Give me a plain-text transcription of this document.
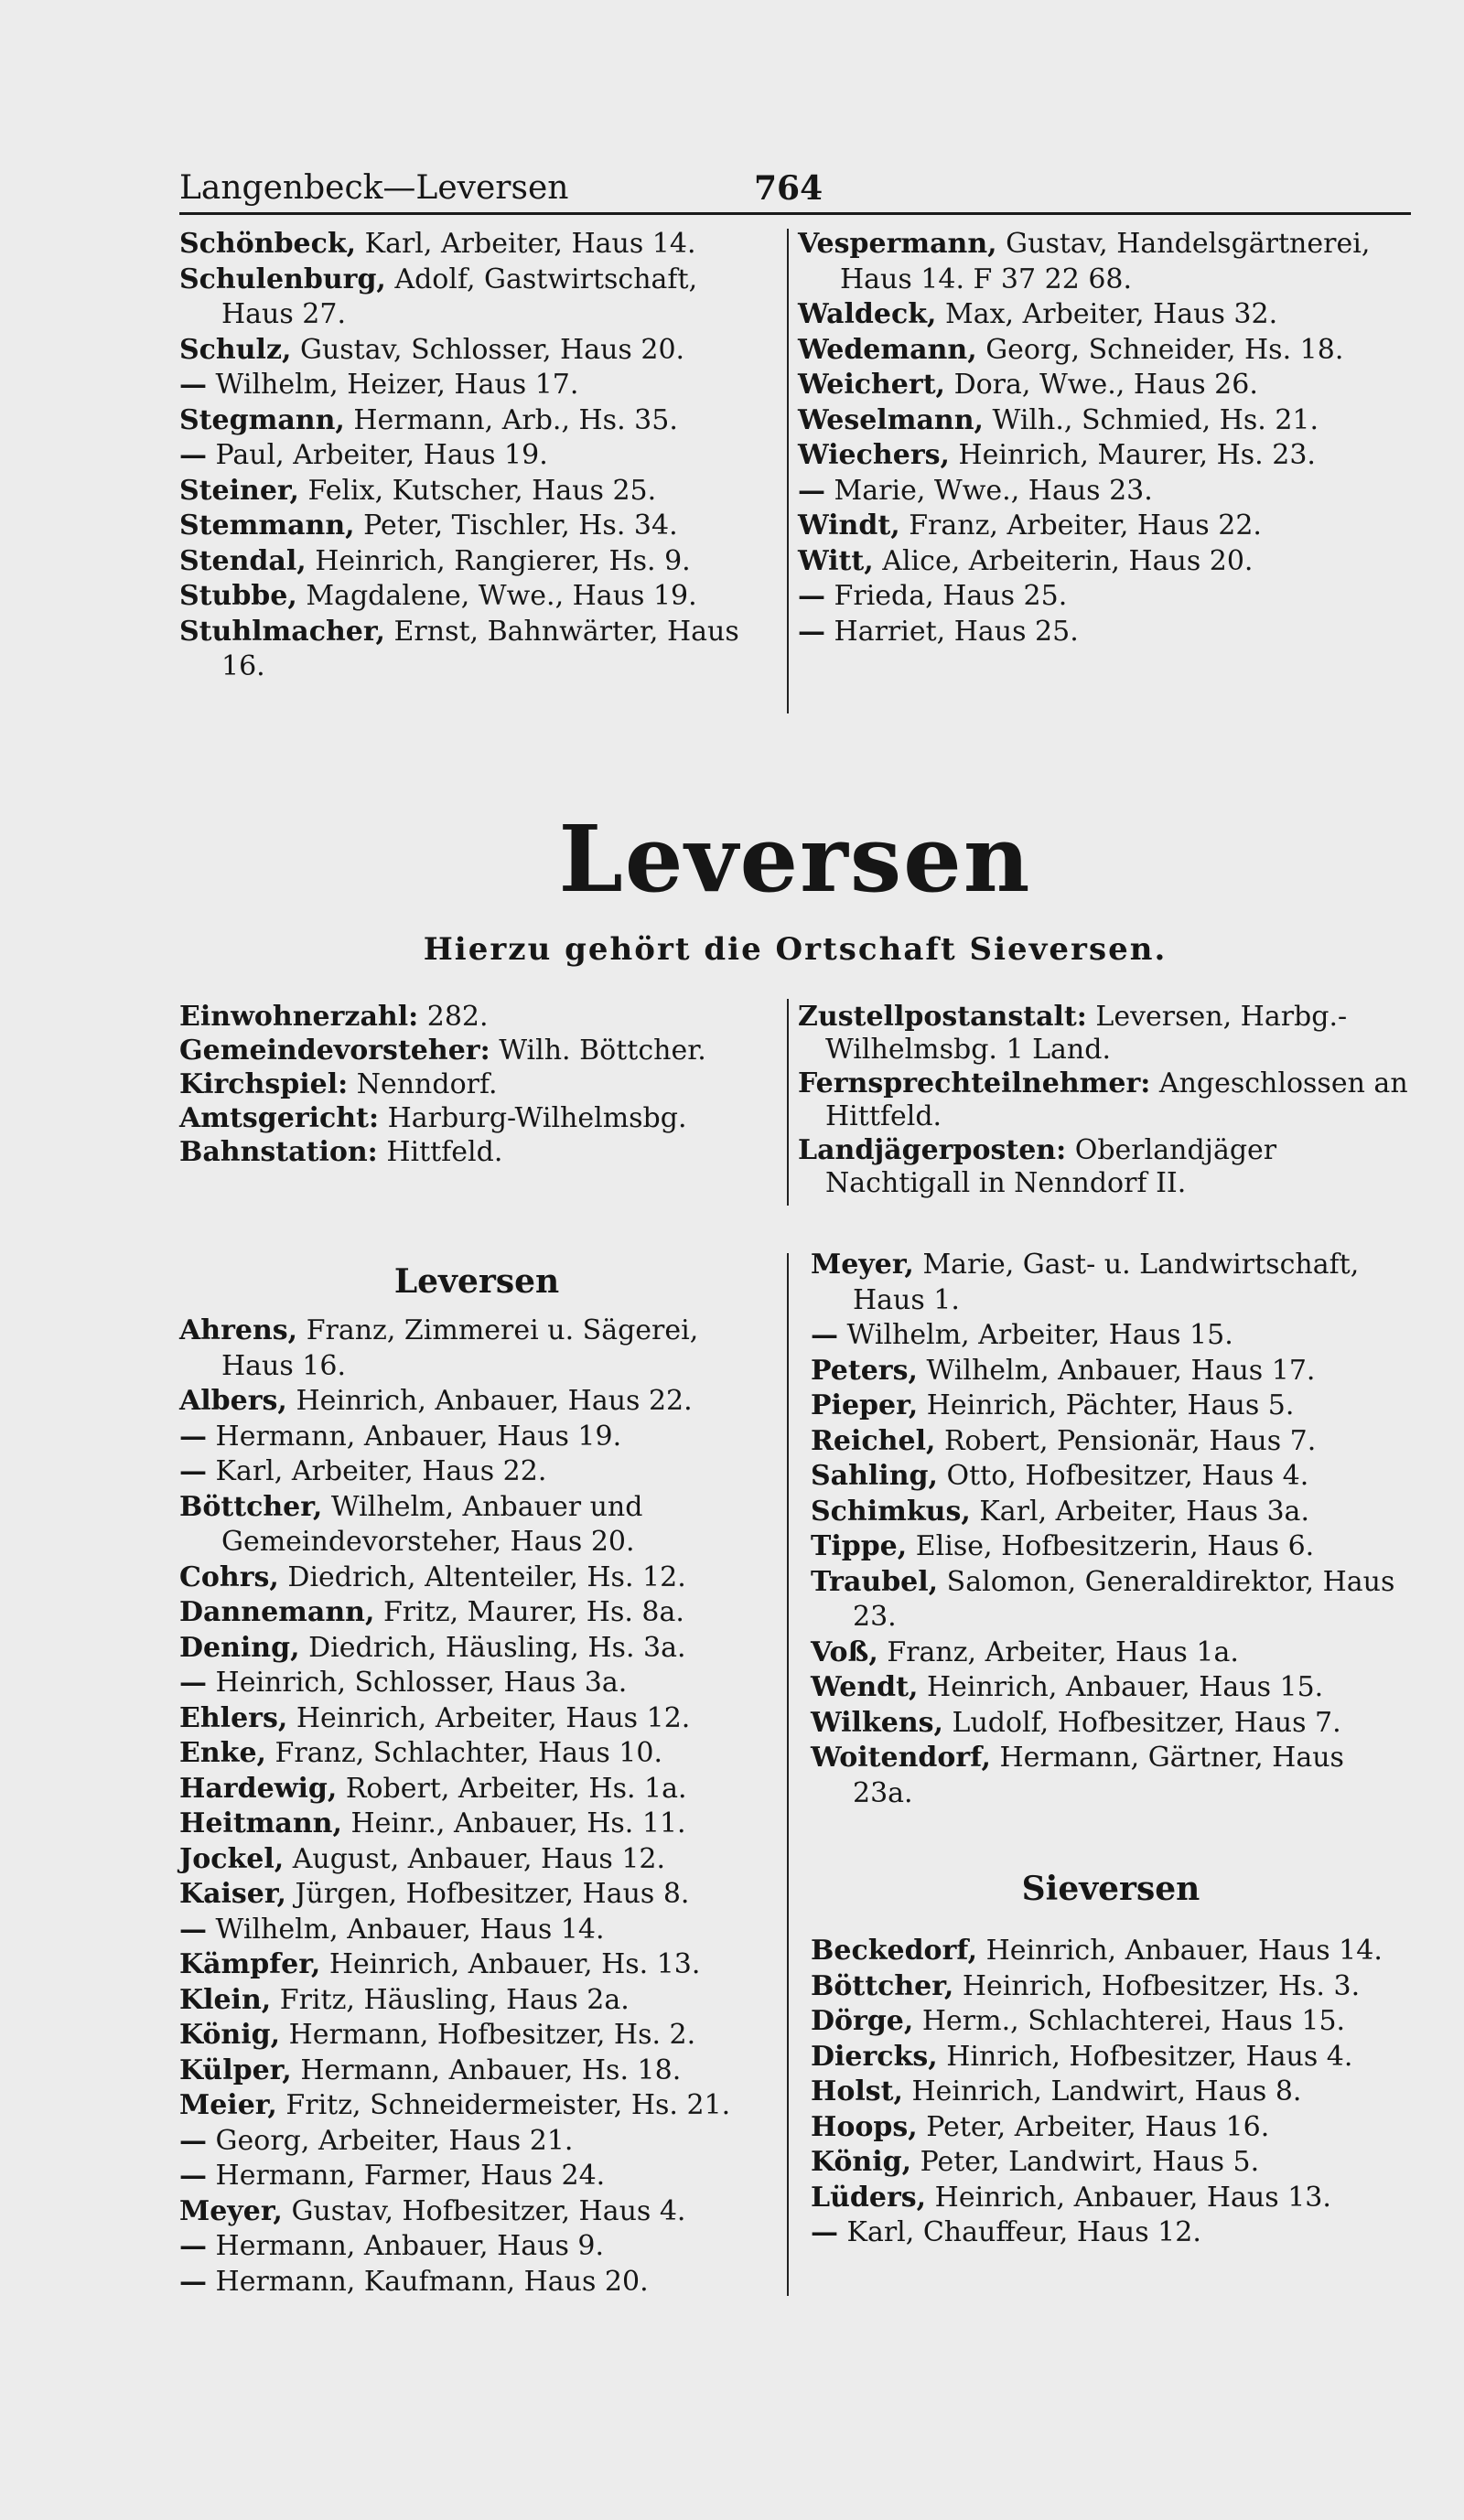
Langenbeck—Leversen	764

Schönbeck, Karl, Arbeiter, Haus 14.

Schulenburg, Adolf, Gastwirtschaft, Haus 27.

Schulz, Gustav, Schlosser, Haus 20.

— Wilhelm, Heizer, Haus 17.

Stegmann, Hermann, Arb., Hs. 35.

— Paul, Arbeiter, Haus 19.

Steiner, Felix, Kutscher, Haus 25.

Stemmann, Peter, Tischler, Hs. 34.

Stendal, Heinrich, Rangierer, Hs. 9.

Stubbe, Magdalene, Wwe., Haus 19.

Stuhlmacher, Ernst, Bahnwärter, Haus 16.

Vespermann, Gustav, Handelsgärtnerei, Haus 14. F 37 22 68.

Waldeck, Max, Arbeiter, Haus 32.

Wedemann, Georg, Schneider, Hs. 18.

Weichert, Dora, Wwe., Haus 26.

Weselmann, Wilh., Schmied, Hs. 21.

Wiechers, Heinrich, Maurer, Hs. 23.

— Marie, Wwe., Haus 23.

Windt, Franz, Arbeiter, Haus 22.

Witt, Alice, Arbeiterin, Haus 20.

— Frieda, Haus 25.

— Harriet, Haus 25.

Leversen
Hierzu gehört die Ortschaft Sieversen.

Einwohnerzahl: 282.

Gemeindevorsteher: Wilh. Böttcher.

Kirchspiel: Nenndorf.

Amtsgericht: Harburg-Wilhelmsbg.

Bahnstation: Hittfeld.

Zustellpostanstalt: Leversen, Harbg.-Wilhelmsbg. 1 Land.

Fernsprechteilnehmer: Angeschlossen an Hittfeld.

Landjägerposten: Oberlandjäger Nachtigall in Nenndorf II.

Leversen

Ahrens, Franz, Zimmerei u. Sägerei, Haus 16.

Albers, Heinrich, Anbauer, Haus 22.

— Hermann, Anbauer, Haus 19.

— Karl, Arbeiter, Haus 22.

Böttcher, Wilhelm, Anbauer und Gemeindevorsteher, Haus 20.

Cohrs, Diedrich, Altenteiler, Hs. 12.

Dannemann, Fritz, Maurer, Hs. 8a.

Dening, Diedrich, Häusling, Hs. 3a.

— Heinrich, Schlosser, Haus 3a.

Ehlers, Heinrich, Arbeiter, Haus 12.

Enke, Franz, Schlachter, Haus 10.

Hardewig, Robert, Arbeiter, Hs. 1a.

Heitmann, Heinr., Anbauer, Hs. 11.

Jockel, August, Anbauer, Haus 12.

Kaiser, Jürgen, Hofbesitzer, Haus 8.

— Wilhelm, Anbauer, Haus 14.

Kämpfer, Heinrich, Anbauer, Hs. 13.

Klein, Fritz, Häusling, Haus 2a.

König, Hermann, Hofbesitzer, Hs. 2.

Külper, Hermann, Anbauer, Hs. 18.

Meier, Fritz, Schneidermeister, Hs. 21.

— Georg, Arbeiter, Haus 21.

— Hermann, Farmer, Haus 24.

Meyer, Gustav, Hofbesitzer, Haus 4.

— Hermann, Anbauer, Haus 9.

— Hermann, Kaufmann, Haus 20.

Meyer, Marie, Gast- u. Landwirtschaft, Haus 1.

— Wilhelm, Arbeiter, Haus 15.

Peters, Wilhelm, Anbauer, Haus 17.

Pieper, Heinrich, Pächter, Haus 5.

Reichel, Robert, Pensionär, Haus 7.

Sahling, Otto, Hofbesitzer, Haus 4.

Schimkus, Karl, Arbeiter, Haus 3a.

Tippe, Elise, Hofbesitzerin, Haus 6.

Traubel, Salomon, Generaldirektor, Haus 23.

Voß, Franz, Arbeiter, Haus 1a.

Wendt, Heinrich, Anbauer, Haus 15.

Wilkens, Ludolf, Hofbesitzer, Haus 7.

Woitendorf, Hermann, Gärtner, Haus 23a.

Sieversen

Beckedorf, Heinrich, Anbauer, Haus 14.

Böttcher, Heinrich, Hofbesitzer, Hs. 3.

Dörge, Herm., Schlachterei, Haus 15.

Diercks, Hinrich, Hofbesitzer, Haus 4.

Holst, Heinrich, Landwirt, Haus 8.

Hoops, Peter, Arbeiter, Haus 16.

König, Peter, Landwirt, Haus 5.

Lüders, Heinrich, Anbauer, Haus 13.

— Karl, Chauffeur, Haus 12.
